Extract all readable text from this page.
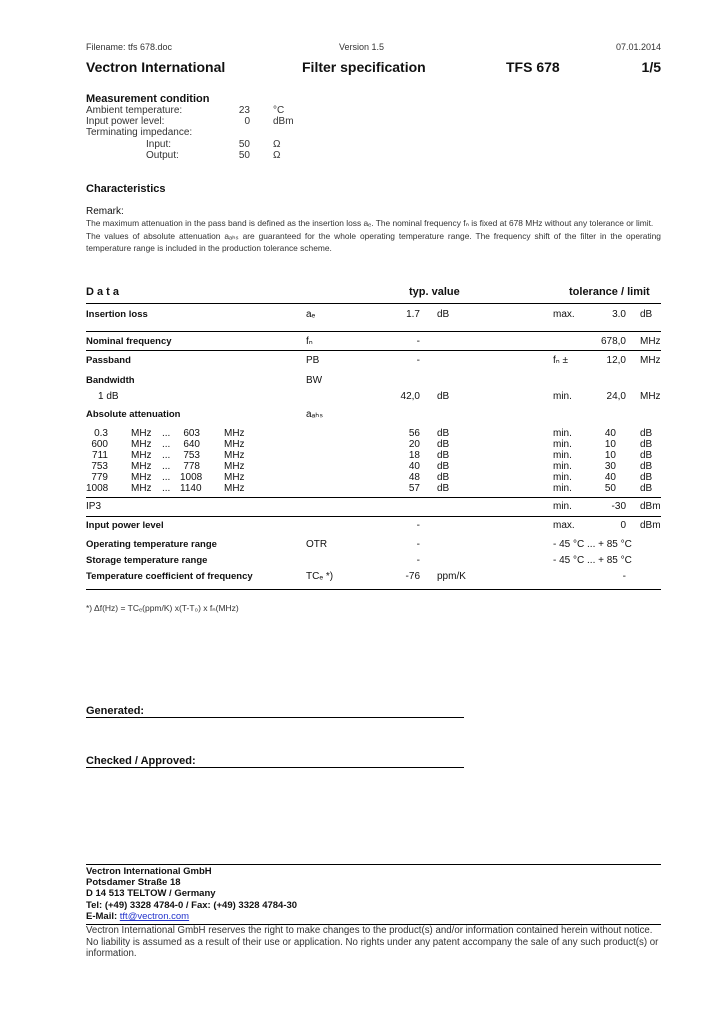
Filename: tfs 678.doc	Version 1.5	07.01.2014
Vectron International	Filter specification	TFS 678	1/5
Measurement condition
Ambient temperature:	23 °C
Input power level:	0 dBm
Terminating impedance:
Input:	50 Ω
Output:	50 Ω
Characteristics
Remark:
The maximum attenuation in the pass band is defined as the insertion loss aₑ. The nominal frequency fₙ is fixed at 678 MHz without any tolerance or limit.
The values of absolute attenuation aₐₕₛ are guaranteed for the whole operating temperature range. The frequency shift of the filter in the operating
temperature range is included in the production tolerance scheme.
D a t a	typ. value	tolerance / limit
Insertion loss	aₑ	1.7 dB	max.	3.0 dB
Nominal frequency	fₙ	-	678,0 MHz
Passband	PB	-	fₙ ±	12,0 MHz
Bandwidth	BW
1 dB	42,0 dB	min.	24,0 MHz
Absolute attenuation	aₐₕₛ
0.3 MHz ...	603 MHz	56 dB	min.	40 dB
600 MHz ...	640 MHz	20 dB	min.	10 dB
711 MHz ...	753 MHz	18 dB	min.	10 dB
753 MHz ...	778 MHz	40 dB	min.	30 dB
779 MHz ... 1008 MHz	48 dB	min.	40 dB
1008 MHz ... 1140 MHz	57 dB	min.	50 dB
IP3	min.	-30 dBm
Input power level	-	max.	0 dBm
Operating temperature range	OTR	-	- 45 °C ... + 85 °C
Storage temperature range	-	- 45 °C ... + 85 °C
Temperature coefficient of frequency	TCₑ *)	-76 ppm/K	-
*) Δf(Hz) = TCₑ(ppm/K) x(T-T₀) x fₙ(MHz)
Generated:
Checked / Approved:
Vectron International GmbH
Potsdamer Straße 18
D 14 513 TELTOW / Germany
Tel: (+49) 3328 4784-0 / Fax: (+49) 3328 4784-30
E-Mail: tft@vectron.com
Vectron International GmbH reserves the right to make changes to the product(s) and/or information contained herein without notice.
No liability is assumed as a result of their use or application. No rights under any patent accompany the sale of any such product(s) or
information.
